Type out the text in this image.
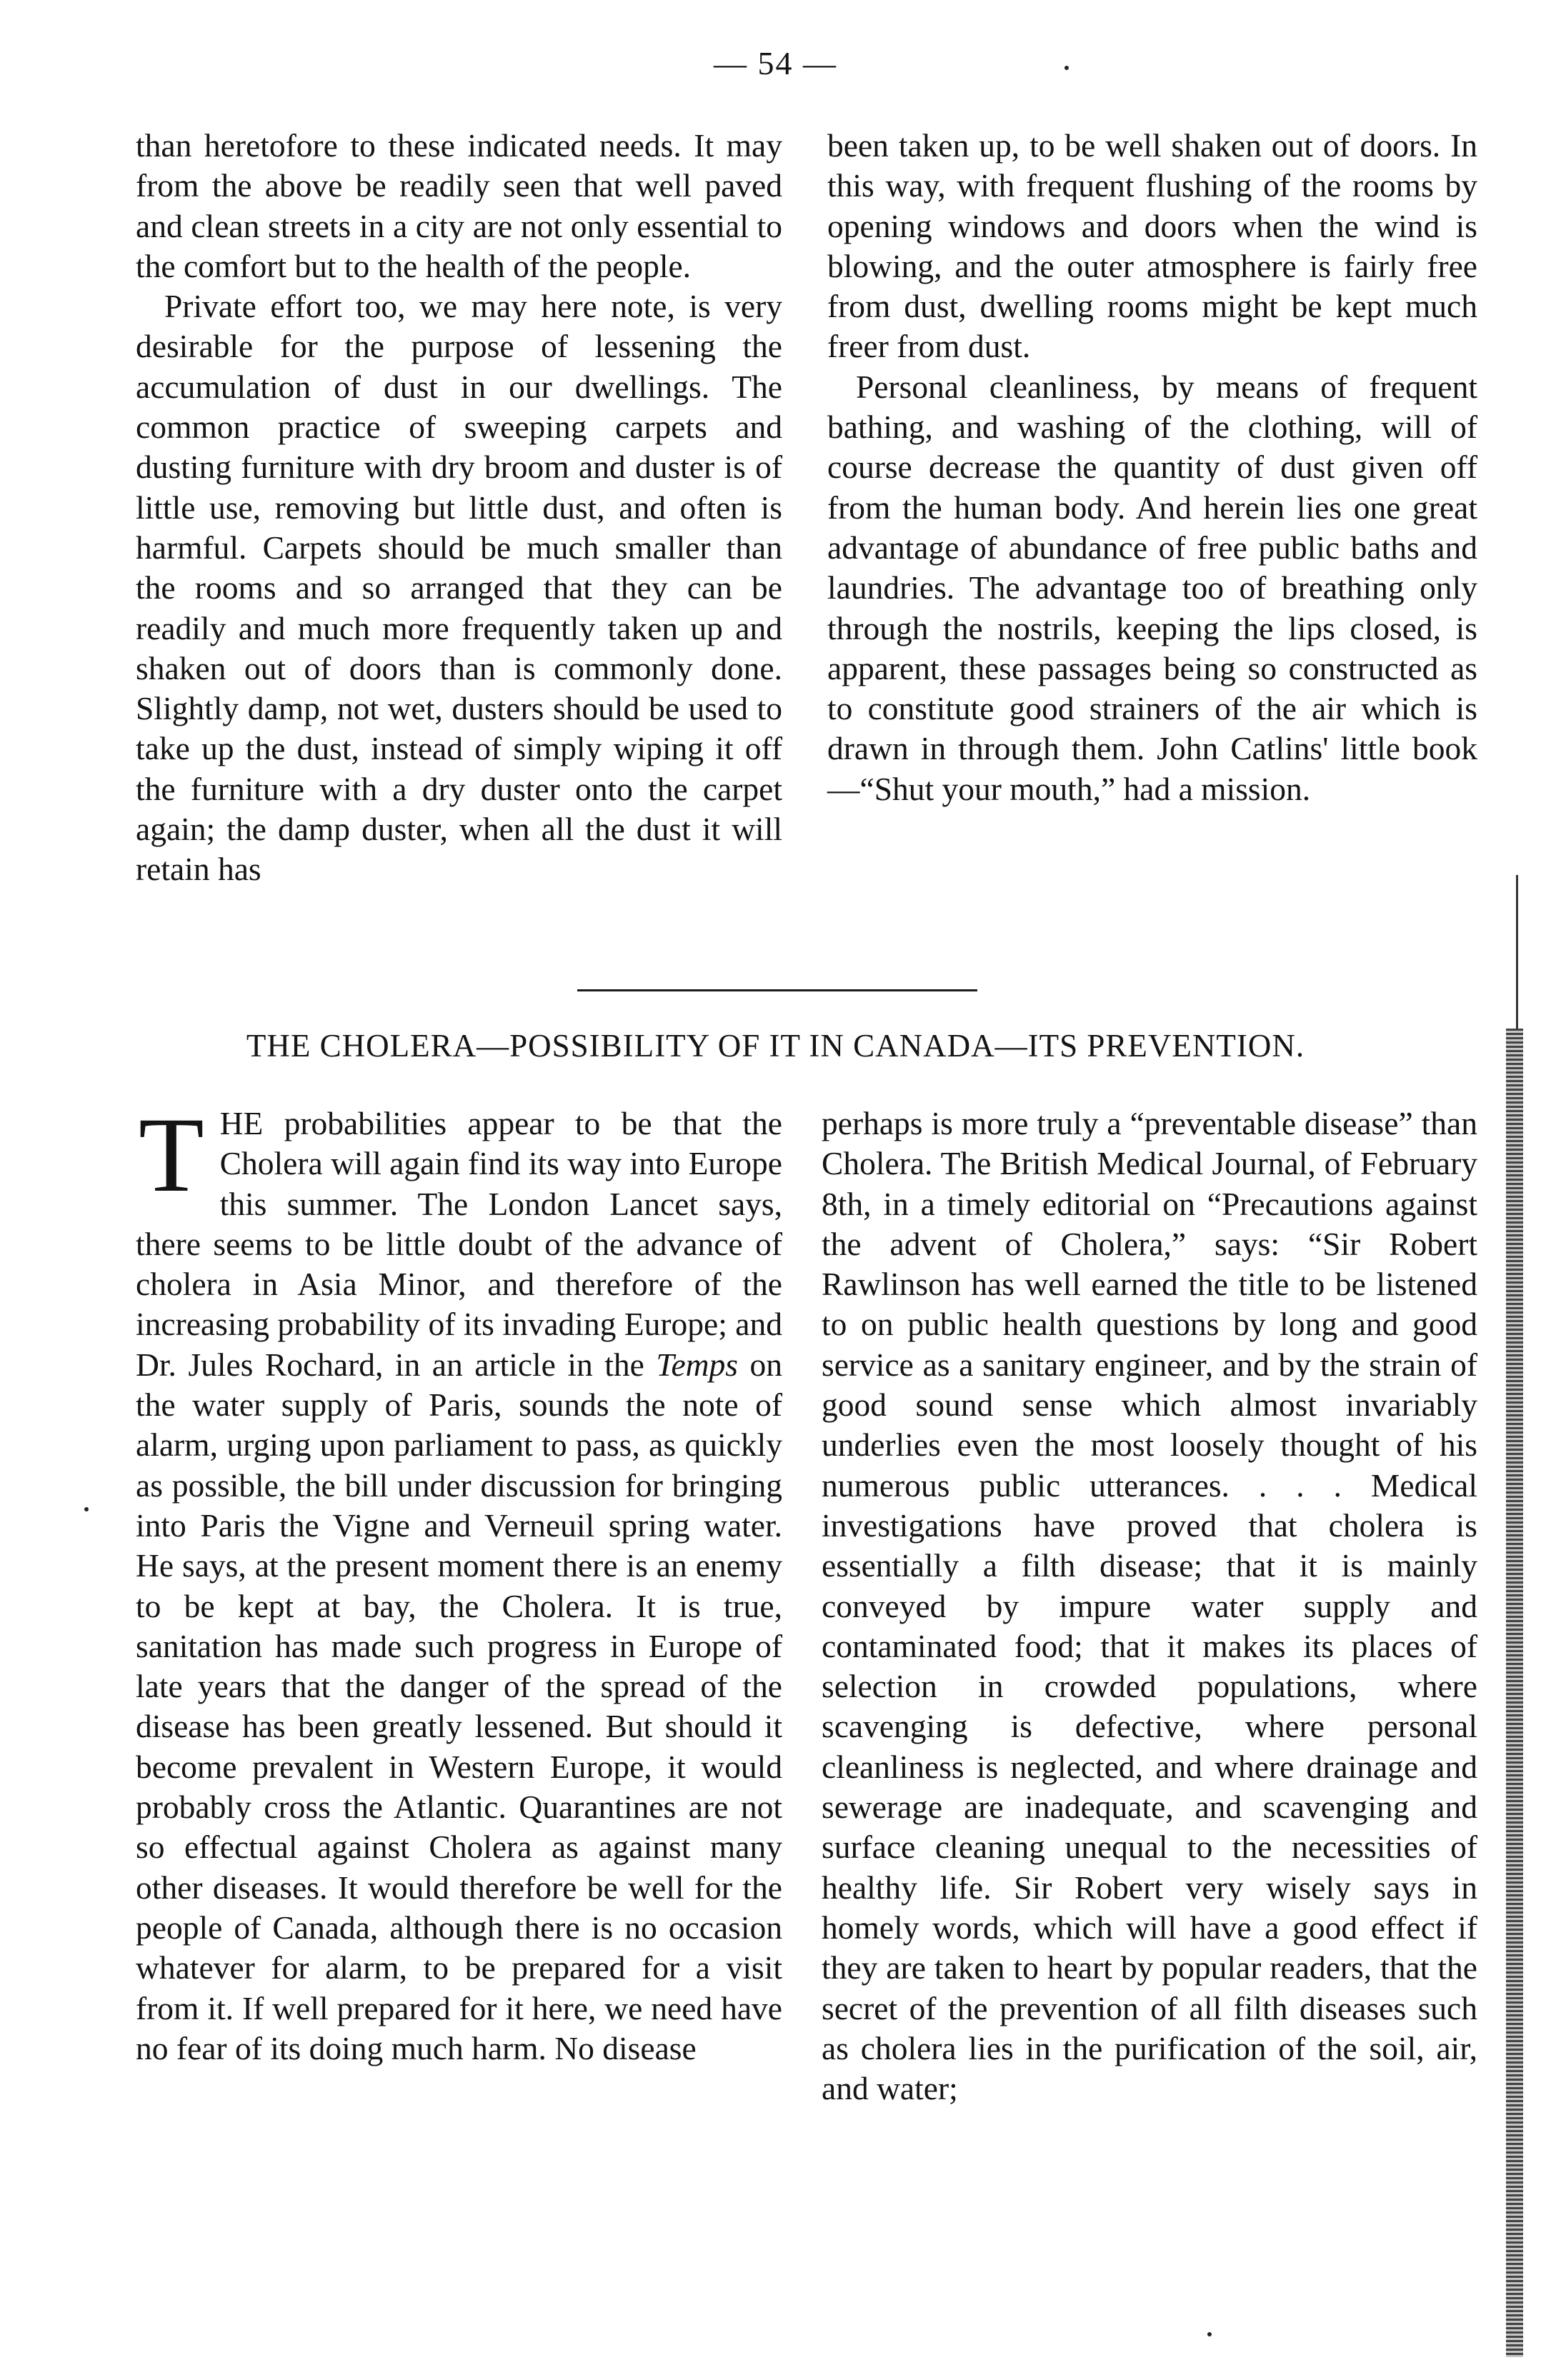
— 54 —

than heretofore to these indicated needs. It may from the above be readily seen that well paved and clean streets in a city are not only essential to the comfort but to the health of the people.

Private effort too, we may here note, is very desirable for the purpose of lessening the accumulation of dust in our dwellings. The common practice of sweeping carpets and dusting furniture with dry broom and duster is of little use, removing but little dust, and often is harmful. Carpets should be much smaller than the rooms and so arranged that they can be readily and much more frequently taken up and shaken out of doors than is commonly done. Slightly damp, not wet, dusters should be used to take up the dust, instead of simply wiping it off the furniture with a dry duster onto the carpet again; the damp duster, when all the dust it will retain has

been taken up, to be well shaken out of doors. In this way, with frequent flushing of the rooms by opening windows and doors when the wind is blowing, and the outer atmosphere is fairly free from dust, dwelling rooms might be kept much freer from dust.

Personal cleanliness, by means of frequent bathing, and washing of the clothing, will of course decrease the quantity of dust given off from the human body. And herein lies one great advantage of abundance of free public baths and laundries. The advantage too of breathing only through the nostrils, keeping the lips closed, is apparent, these passages being so constructed as to constitute good strainers of the air which is drawn in through them. John Catlins' little book—“Shut your mouth,” had a mission.

THE CHOLERA—POSSIBILITY OF IT IN CANADA—ITS PREVENTION.

THE probabilities appear to be that the Cholera will again find its way into Europe this summer. The London Lancet says, there seems to be little doubt of the advance of cholera in Asia Minor, and therefore of the increasing probability of its invading Europe; and Dr. Jules Rochard, in an article in the Temps on the water supply of Paris, sounds the note of alarm, urging upon parliament to pass, as quickly as possible, the bill under discussion for bringing into Paris the Vigne and Verneuil spring water. He says, at the present moment there is an enemy to be kept at bay, the Cholera. It is true, sanitation has made such progress in Europe of late years that the danger of the spread of the disease has been greatly lessened. But should it become prevalent in Western Europe, it would probably cross the Atlantic. Quarantines are not so effectual against Cholera as against many other diseases. It would therefore be well for the people of Canada, although there is no occasion whatever for alarm, to be prepared for a visit from it. If well prepared for it here, we need have no fear of its doing much harm. No disease

perhaps is more truly a “preventable disease” than Cholera. The British Medical Journal, of February 8th, in a timely editorial on “Precautions against the advent of Cholera,” says: “Sir Robert Rawlinson has well earned the title to be listened to on public health questions by long and good service as a sanitary engineer, and by the strain of good sound sense which almost invariably underlies even the most loosely thought of his numerous public utterances. . . . Medical investigations have proved that cholera is essentially a filth disease; that it is mainly conveyed by impure water supply and contaminated food; that it makes its places of selection in crowded populations, where scavenging is defective, where personal cleanliness is neglected, and where drainage and sewerage are inadequate, and scavenging and surface cleaning unequal to the necessities of healthy life. Sir Robert very wisely says in homely words, which will have a good effect if they are taken to heart by popular readers, that the secret of the prevention of all filth diseases such as cholera lies in the purification of the soil, air, and water;
